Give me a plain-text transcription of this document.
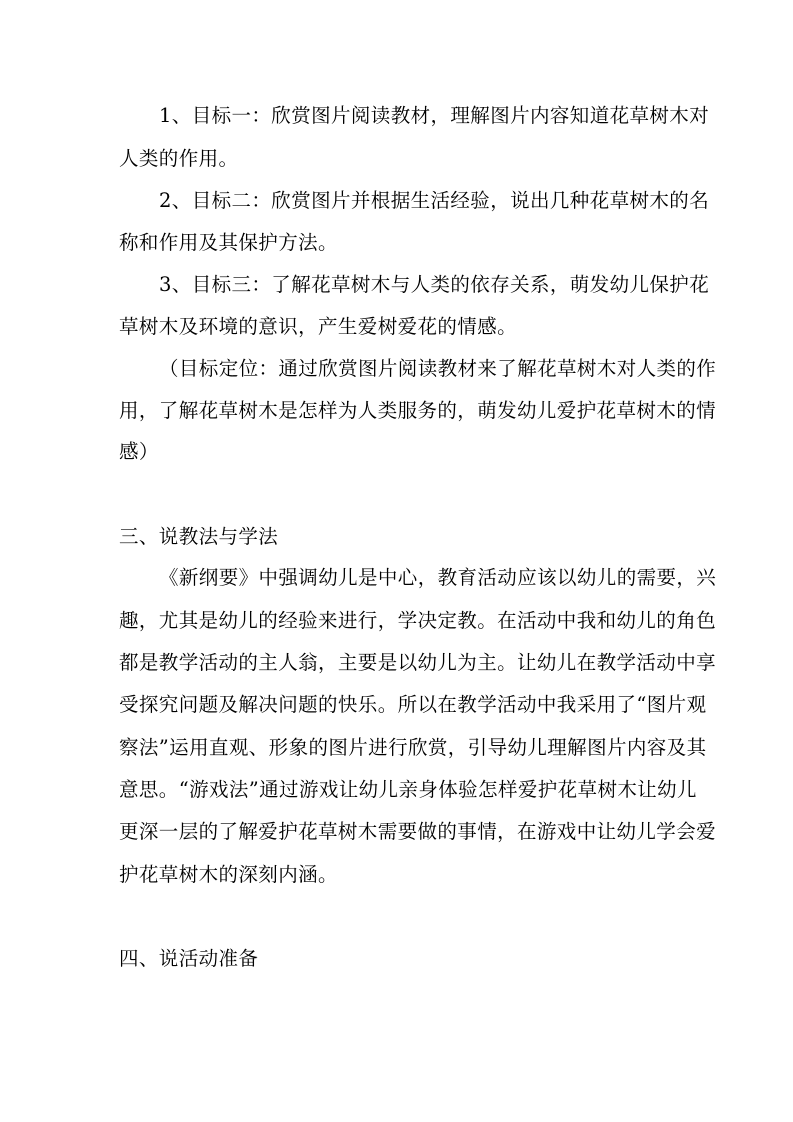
1、目标一：欣赏图片阅读教材，理解图片内容知道花草树木对
人类的作用。
2、目标二：欣赏图片并根据生活经验，说出几种花草树木的名
称和作用及其保护方法。
3、目标三：了解花草树木与人类的依存关系，萌发幼儿保护花
草树木及环境的意识，产生爱树爱花的情感。
（目标定位：通过欣赏图片阅读教材来了解花草树木对人类的作
用，了解花草树木是怎样为人类服务的，萌发幼儿爱护花草树木的情
感）
三、说教法与学法
《新纲要》中强调幼儿是中心，教育活动应该以幼儿的需要，兴
趣，尤其是幼儿的经验来进行，学决定教。在活动中我和幼儿的角色
都是教学活动的主人翁，主要是以幼儿为主。让幼儿在教学活动中享
受探究问题及解决问题的快乐。所以在教学活动中我采用了“图片观
察法”运用直观、形象的图片进行欣赏，引导幼儿理解图片内容及其
意思。“游戏法”通过游戏让幼儿亲身体验怎样爱护花草树木让幼儿
更深一层的了解爱护花草树木需要做的事情，在游戏中让幼儿学会爱
护花草树木的深刻内涵。
四、说活动准备
